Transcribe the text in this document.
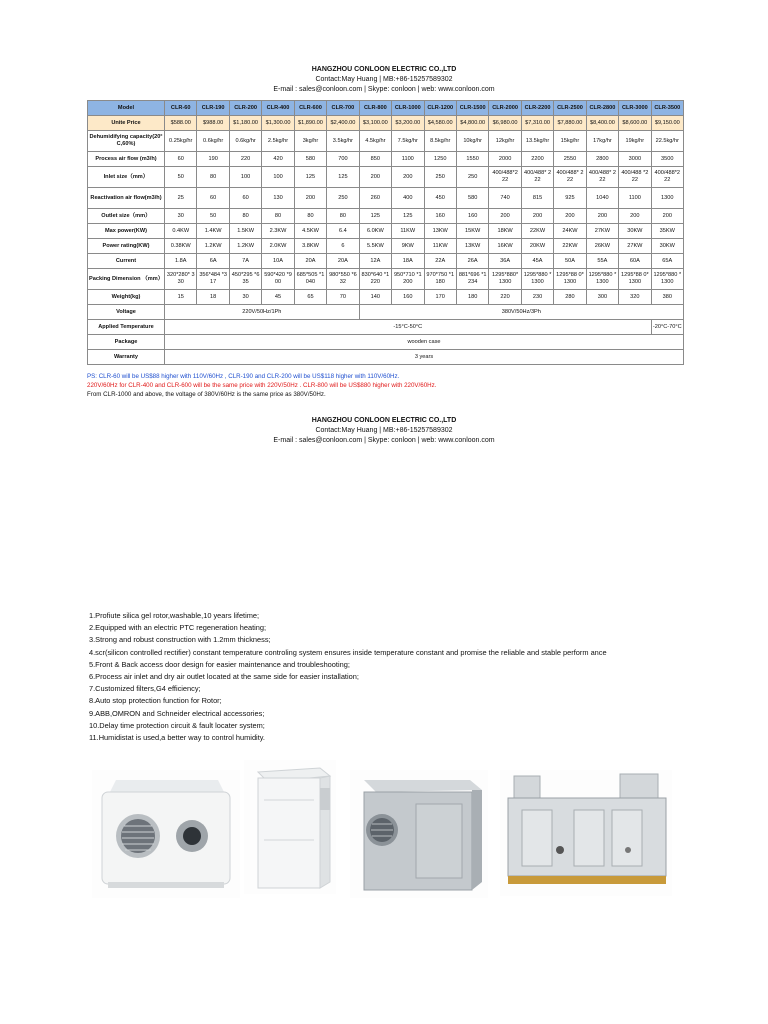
HANGZHOU CONLOON ELECTRIC CO.,LTD
Contact:May Huang | MB:+86-15257589302
E-mail : sales@conloon.com | Skype: conloon | web: www.conloon.com
Model	CLR-60	CLR-190	CLR-200	CLR-400	CLR-600	CLR-700	CLR-800	CLR-1000	CLR-1200	CLR-1500	CLR-2000	CLR-2200	CLR-2500	CLR-2800	CLR-3000	CLR-3500
Unite Price	$588.00	$988.00	$1,180.00	$1,300.00	$1,890.00	$2,400.00	$3,100.00	$3,200.00	$4,580.00	$4,800.00	$6,980.00	$7,310.00	$7,880.00	$8,400.00	$8,600.00	$9,150.00
Dehumidifying capacity(20°C,60%)	0.25kg/hr	0.6kg/hr	0.6kg/hr	2.5kg/hr	3kg/hr	3.5kg/hr	4.5kg/hr	7.5kg/hr	8.5kg/hr	10kg/hr	12kg/hr	13.5kg/hr	15kg/hr	17kg/hr	19kg/hr	22.5kg/hr
Process air flow (m3/h)	60	190	220	420	580	700	850	1100	1250	1550	2000	2200	2550	2800	3000	3500
Inlet size（mm）	50	80	100	100	125	125	200	200	250	250	400/488*2 22	400/488* 222	400/488* 222	400/488* 222	400/488 *222	400/488*2 22
Reactivation air flow(m3/h)	25	60	60	130	200	250	260	400	450	580	740	815	925	1040	1100	1300
Outlet size（mm）	30	50	80	80	80	80	125	125	160	160	200	200	200	200	200	200
Max power(KW)	0.4KW	1.4KW	1.5KW	2.3KW	4.5KW	6.4	6.0KW	11KW	13KW	15KW	18KW	22KW	24KW	27KW	30KW	35KW
Power rating(KW)	0.38KW	1.2KW	1.2KW	2.0KW	3.8KW	6	5.5KW	9KW	11KW	13KW	16KW	20KW	22KW	26KW	27KW	30KW
Current	1.8A	6A	7A	10A	20A	20A	12A	18A	22A	26A	36A	45A	50A	55A	60A	65A
Packing Dimension （mm）	320*280* 330	356*484 *317	450*295 *635	590*420 *900	685*505 *1040	980*550 *632	830*640 *1220	950*710 *1200	970*750 *1180	881*696 *1234	1295*880* 1300	1295*880 *1300	1295*88 0*1300	1295*880 *1300	1295*88 0*1300	1295*880 *1300
Weight(kg)	15	18	30	45	65	70	140	160	170	180	220	230	280	300	320	380
Voltage	220V/50Hz/1Ph						380V/50Hz/3Ph									
Applied Temperature	-15°C-50°C															-20°C-70°C
Package	wooden case															
Warranty	3 years															
PS: CLR-60 will be US$88 higher with 110V/60Hz , CLR-190 and CLR-200 will be US$118 higher with 110V/60Hz.
220V/60Hz for CLR-400 and CLR-600 will be the same price with 220V/50Hz . CLR-800 will be US$880 higher with 220V/60Hz.
From CLR-1000 and above, the voltage of 380V/60Hz is the same price as 380V/50Hz.
HANGZHOU CONLOON ELECTRIC CO.,LTD
Contact:May Huang | MB:+86-15257589302
E-mail : sales@conloon.com | Skype: conloon | web: www.conloon.com
1.Profiute silica gel rotor,washable,10 years lifetime;
2.Equipped with an electric PTC regeneration heating;
3.Strong and robust construction with 1.2mm thickness;
4.scr(silicon controlled rectifier) constant temperature controling system ensures inside temperature constant and promise the reliable and stable perform ance
5.Front & Back access door design for easier maintenance and troubleshooting;
6.Process air inlet and dry air outlet located at the same side for easier installation;
7.Customized filters,G4 efficiency;
8.Auto stop protection function for Rotor;
9.ABB,OMRON and Schneider electrical accessories;
10.Delay time protection circuit & fault locater system;
11.Humidistat is used,a better way to control humidity.
